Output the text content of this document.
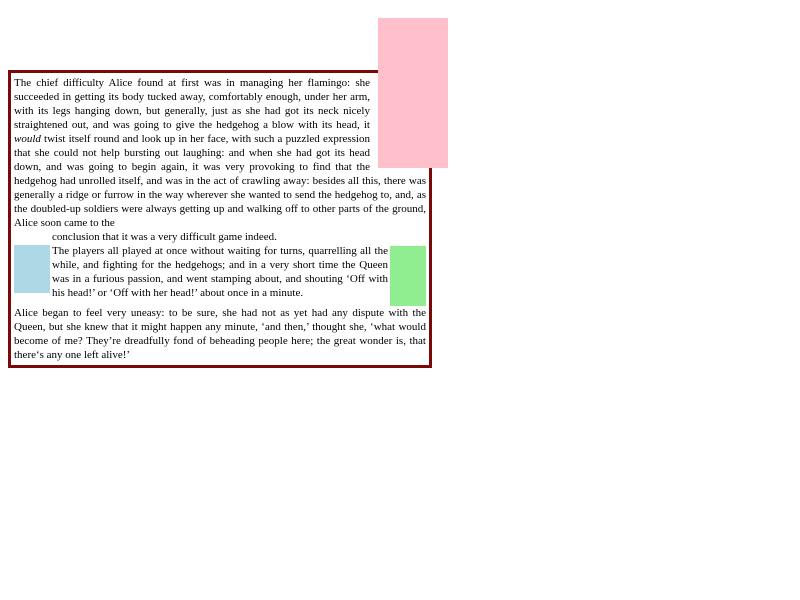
The chief difficulty Alice found at first was in managing her flamingo: she succeeded in getting its body tucked away, comfortably enough, under her arm, with its legs hanging down, but generally, just as she had got its neck nicely straightened out, and was going to give the hedgehog a blow with its head, it would twist itself round and look up in her face, with such a puzzled expression that she could not help bursting out laughing: and when she had got its head down, and was going to begin again, it was very provoking to find that the hedgehog had unrolled itself, and was in the act of crawling away: besides all this, there was generally a ridge or furrow in the way wherever she wanted to send the hedgehog to, and, as the doubled-up soldiers were always getting up and walking off to other parts of the ground, Alice soon came to the

conclusion that it was a very difficult game indeed.

The players all played at once without waiting for turns, quarrelling all the while, and fighting for the hedgehogs; and in a very short time the Queen was in a furious passion, and went stamping about, and shouting ‘Off with his head!’ or ‘Off with her head!’ about once in a minute.

Alice began to feel very uneasy: to be sure, she had not as yet had any dispute with the Queen, but she knew that it might happen any minute, ‘and then,’ thought she, ‘what would become of me? They’re dreadfully fond of beheading people here; the great wonder is, that there‘s any one left alive!’
